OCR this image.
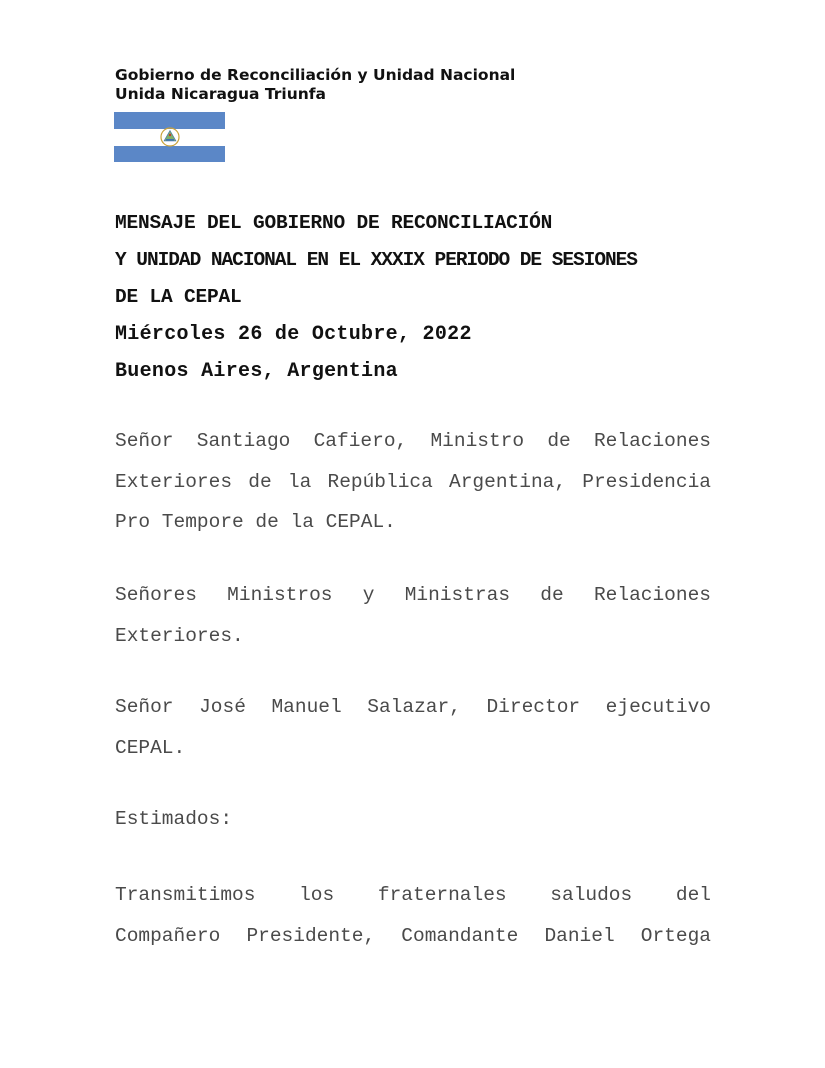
Gobierno de Reconciliación y Unidad Nacional
Unida Nicaragua Triunfa
MENSAJE DEL GOBIERNO DE RECONCILIACIÓN
Y UNIDAD NACIONAL EN EL XXXIX PERIODO DE SESIONES
DE LA CEPAL
Miércoles 26 de Octubre, 2022
Buenos Aires, Argentina
Señor Santiago Cafiero, Ministro de Relaciones
Exteriores de la República Argentina, Presidencia
Pro Tempore de la CEPAL.
Señores Ministros y Ministras de Relaciones
Exteriores.
Señor José Manuel Salazar, Director ejecutivo
CEPAL.
Estimados:
Transmitimos los fraternales saludos del
Compañero Presidente, Comandante Daniel Ortega
